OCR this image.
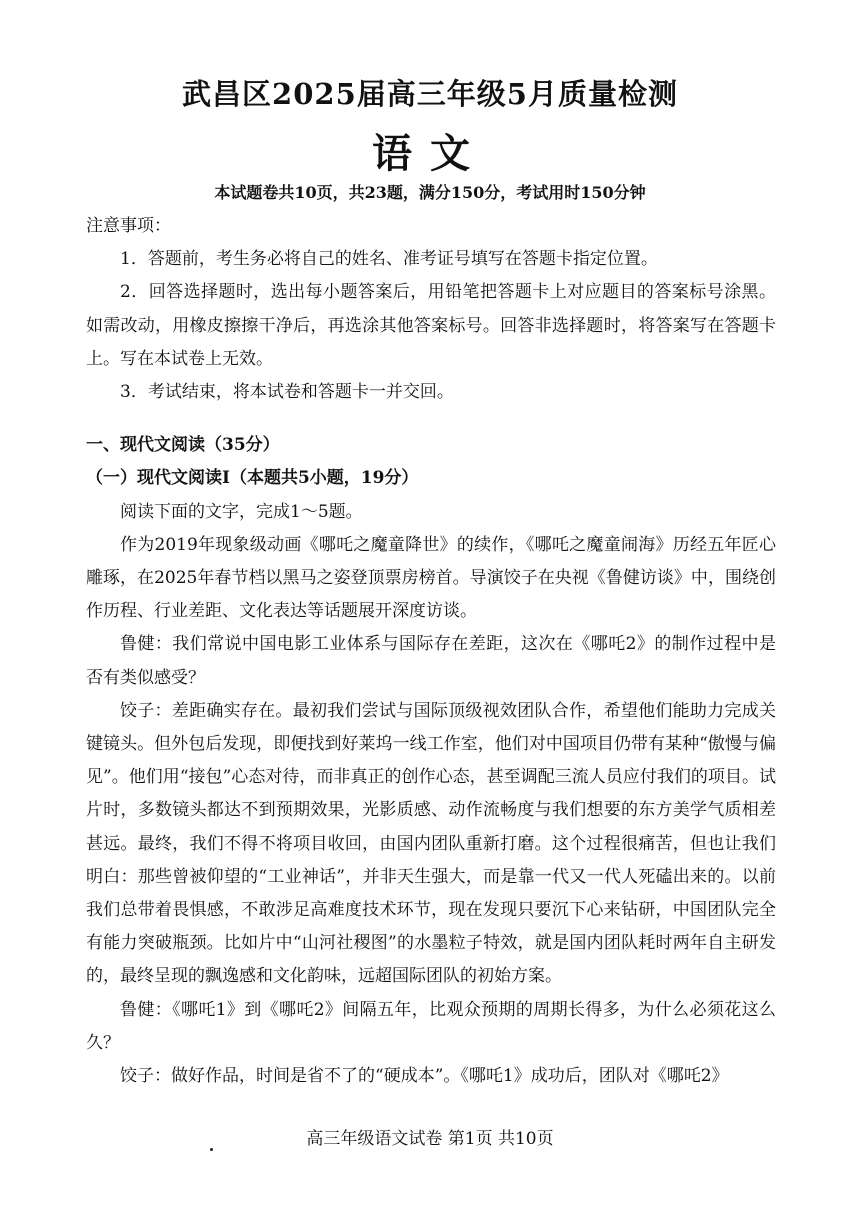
武昌区2025届高三年级5月质量检测
语文
本试题卷共10页，共23题，满分150分，考试用时150分钟

注意事项：

1．答题前，考生务必将自己的姓名、准考证号填写在答题卡指定位置。

2．回答选择题时，选出每小题答案后，用铅笔把答题卡上对应题目的答案标号涂黑。如需改动，用橡皮擦擦干净后，再选涂其他答案标号。回答非选择题时，将答案写在答题卡上。写在本试卷上无效。

3．考试结束，将本试卷和答题卡一并交回。

一、现代文阅读（35分）

（一）现代文阅读Ⅰ（本题共5小题，19分）

阅读下面的文字，完成1～5题。

作为2019年现象级动画《哪吒之魔童降世》的续作，《哪吒之魔童闹海》历经五年匠心雕琢，在2025年春节档以黑马之姿登顶票房榜首。导演饺子在央视《鲁健访谈》中，围绕创作历程、行业差距、文化表达等话题展开深度访谈。

鲁健：我们常说中国电影工业体系与国际存在差距，这次在《哪吒2》的制作过程中是否有类似感受？

饺子：差距确实存在。最初我们尝试与国际顶级视效团队合作，希望他们能助力完成关键镜头。但外包后发现，即便找到好莱坞一线工作室，他们对中国项目仍带有某种“傲慢与偏见”。他们用“接包”心态对待，而非真正的创作心态，甚至调配三流人员应付我们的项目。试片时，多数镜头都达不到预期效果，光影质感、动作流畅度与我们想要的东方美学气质相差甚远。最终，我们不得不将项目收回，由国内团队重新打磨。这个过程很痛苦，但也让我们明白：那些曾被仰望的“工业神话”，并非天生强大，而是靠一代又一代人死磕出来的。以前我们总带着畏惧感，不敢涉足高难度技术环节，现在发现只要沉下心来钻研，中国团队完全有能力突破瓶颈。比如片中“山河社稷图”的水墨粒子特效，就是国内团队耗时两年自主研发的，最终呈现的飘逸感和文化韵味，远超国际团队的初始方案。

鲁健：《哪吒1》到《哪吒2》间隔五年，比观众预期的周期长得多，为什么必须花这么久？

饺子：做好作品，时间是省不了的“硬成本”。《哪吒1》成功后，团队对《哪吒2》

高三年级语文试卷 第1页 共10页
